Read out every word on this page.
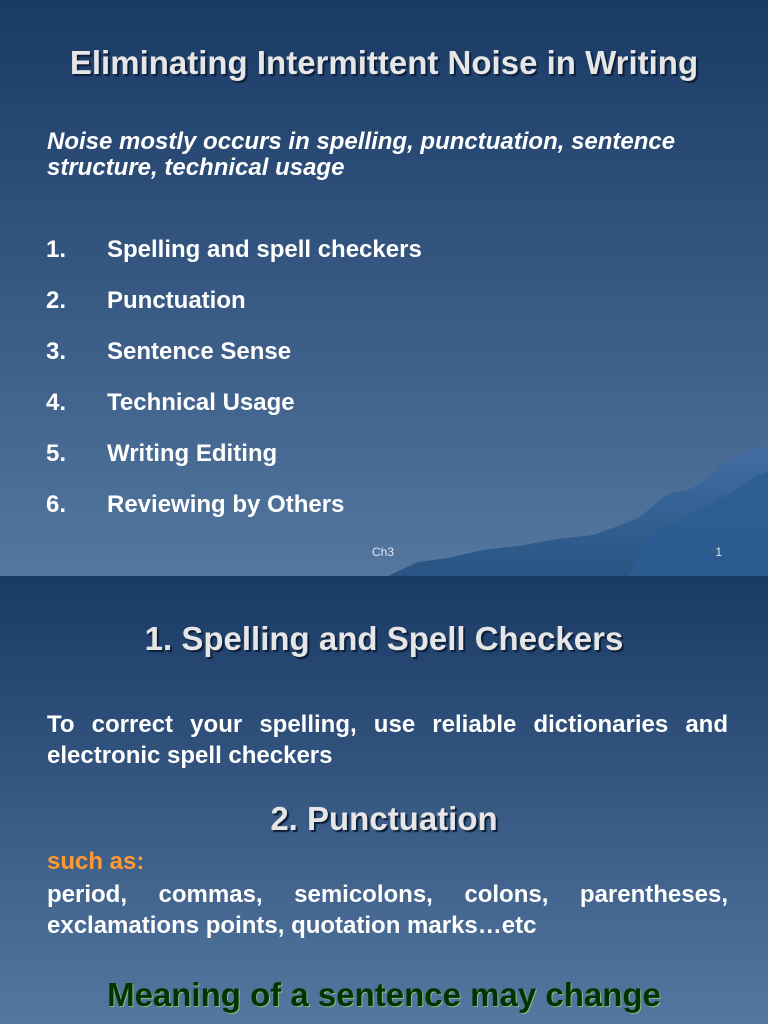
Eliminating Intermittent Noise in Writing
Noise mostly occurs in spelling, punctuation, sentence structure, technical usage
1.	Spelling and spell checkers
2.	Punctuation
3.	Sentence Sense
4.	Technical Usage
5.	Writing Editing
6.	Reviewing by Others
Ch3	1
1. Spelling and Spell Checkers
To correct your spelling, use reliable dictionaries and electronic spell checkers
2. Punctuation
such as:
period, commas, semicolons, colons, parentheses, exclamations points, quotation marks…etc
Meaning of a sentence may change
